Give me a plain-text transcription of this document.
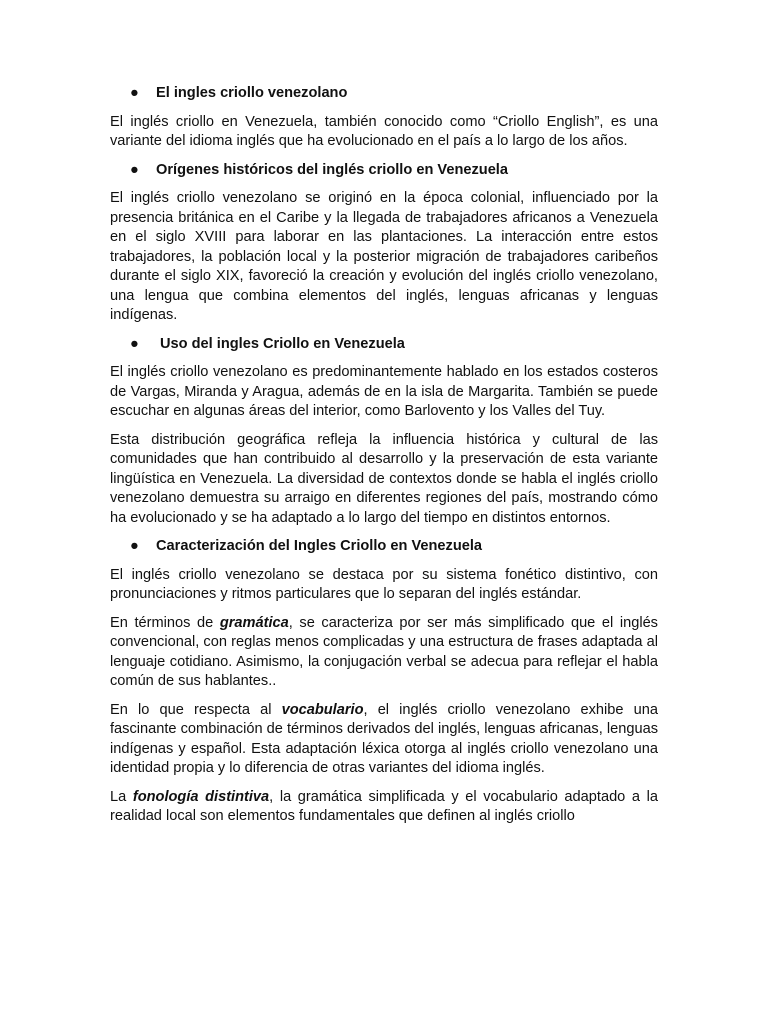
● El ingles criollo venezolano

El inglés criollo en Venezuela, también conocido como “Criollo English”, es una variante del idioma inglés que ha evolucionado en el país a lo largo de los años.

● Orígenes históricos del inglés criollo en Venezuela

El inglés criollo venezolano se originó en la época colonial, influenciado por la presencia británica en el Caribe y la llegada de trabajadores africanos a Venezuela en el siglo XVIII para laborar en las plantaciones. La interacción entre estos trabajadores, la población local y la posterior migración de trabajadores caribeños durante el siglo XIX, favoreció la creación y evolución del inglés criollo venezolano, una lengua que combina elementos del inglés, lenguas africanas y lenguas indígenas.

● Uso del ingles Criollo en Venezuela

El inglés criollo venezolano es predominantemente hablado en los estados costeros de Vargas, Miranda y Aragua, además de en la isla de Margarita. También se puede escuchar en algunas áreas del interior, como Barlovento y los Valles del Tuy.

Esta distribución geográfica refleja la influencia histórica y cultural de las comunidades que han contribuido al desarrollo y la preservación de esta variante lingüística en Venezuela. La diversidad de contextos donde se habla el inglés criollo venezolano demuestra su arraigo en diferentes regiones del país, mostrando cómo ha evolucionado y se ha adaptado a lo largo del tiempo en distintos entornos.

● Caracterización del Ingles Criollo en Venezuela

El inglés criollo venezolano se destaca por su sistema fonético distintivo, con pronunciaciones y ritmos particulares que lo separan del inglés estándar.

En términos de gramática, se caracteriza por ser más simplificado que el inglés convencional, con reglas menos complicadas y una estructura de frases adaptada al lenguaje cotidiano. Asimismo, la conjugación verbal se adecua para reflejar el habla común de sus hablantes..

En lo que respecta al vocabulario, el inglés criollo venezolano exhibe una fascinante combinación de términos derivados del inglés, lenguas africanas, lenguas indígenas y español. Esta adaptación léxica otorga al inglés criollo venezolano una identidad propia y lo diferencia de otras variantes del idioma inglés.

La fonología distintiva, la gramática simplificada y el vocabulario adaptado a la realidad local son elementos fundamentales que definen al inglés criollo
